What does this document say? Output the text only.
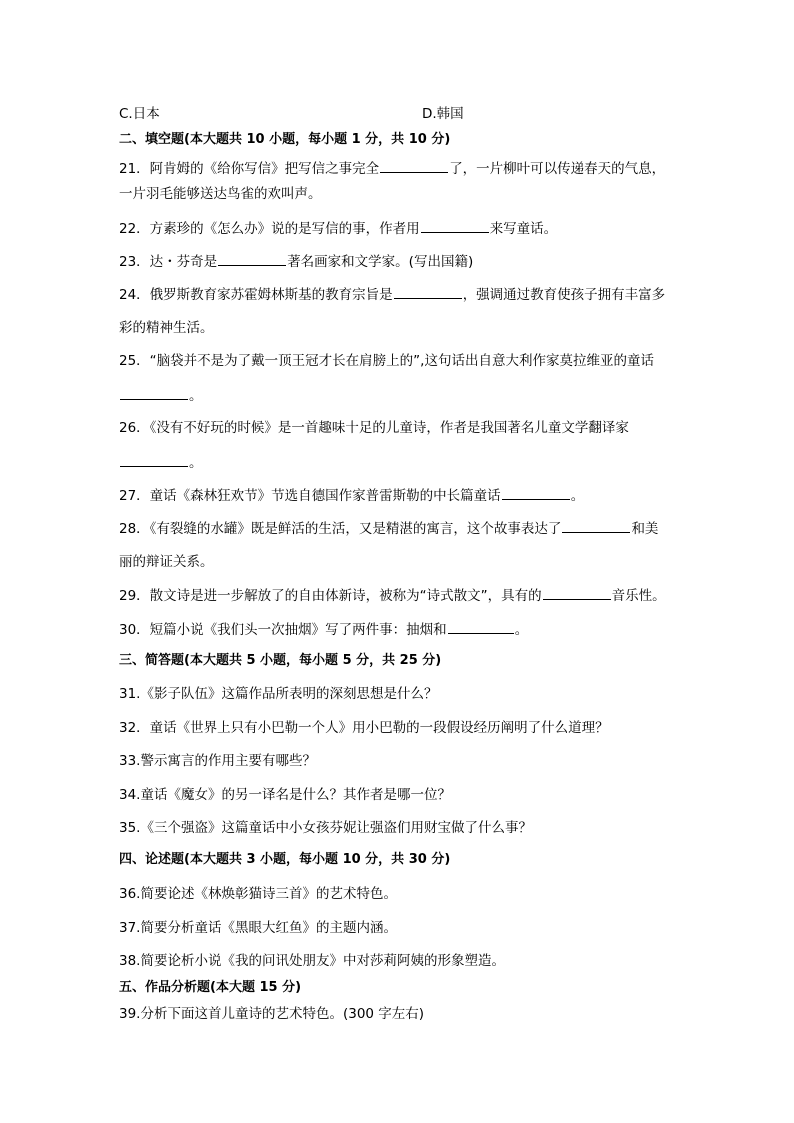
C.日本	D.韩国
二、填空题(本大题共 10 小题，每小题 1 分，共 10 分)
21．阿肯姆的《给你写信》把写信之事完全	了，一片柳叶可以传递春天的气息，
一片羽毛能够送达鸟雀的欢叫声。
22．方素珍的《怎么办》说的是写信的事，作者用	来写童话。
23．达・芬奇是	著名画家和文学家。(写出国籍)
24．俄罗斯教育家苏霍姆林斯基的教育宗旨是	，强调通过教育使孩子拥有丰富多
彩的精神生活。
25．“脑袋并不是为了戴一顶王冠才长在肩膀上的”,这句话出自意大利作家莫拉维亚的童话
。
26．《没有不好玩的时候》是一首趣味十足的儿童诗，作者是我国著名儿童文学翻译家
。
27．童话《森林狂欢节》节选自德国作家普雷斯勒的中长篇童话	。
28．《有裂缝的水罐》既是鲜活的生活，又是精湛的寓言，这个故事表达了	和美
丽的辩证关系。
29．散文诗是进一步解放了的自由体新诗，被称为“诗式散文”，具有的	音乐性。
30．短篇小说《我们头一次抽烟》写了两件事：抽烟和	。
三、简答题(本大题共 5 小题，每小题 5 分，共 25 分)
31.《影子队伍》这篇作品所表明的深刻思想是什么？
32．童话《世界上只有小巴勒一个人》用小巴勒的一段假设经历阐明了什么道理？
33.警示寓言的作用主要有哪些？
34.童话《魔女》的另一译名是什么？其作者是哪一位？
35.《三个强盗》这篇童话中小女孩芬妮让强盗们用财宝做了什么事？
四、论述题(本大题共 3 小题，每小题 10 分，共 30 分)
36.简要论述《林焕彰猫诗三首》的艺术特色。
37.简要分析童话《黑眼大红鱼》的主题内涵。
38.简要论析小说《我的问讯处朋友》中对莎莉阿姨的形象塑造。
五、作品分析题(本大题 15 分)
39.分析下面这首儿童诗的艺术特色。(300 字左右)
